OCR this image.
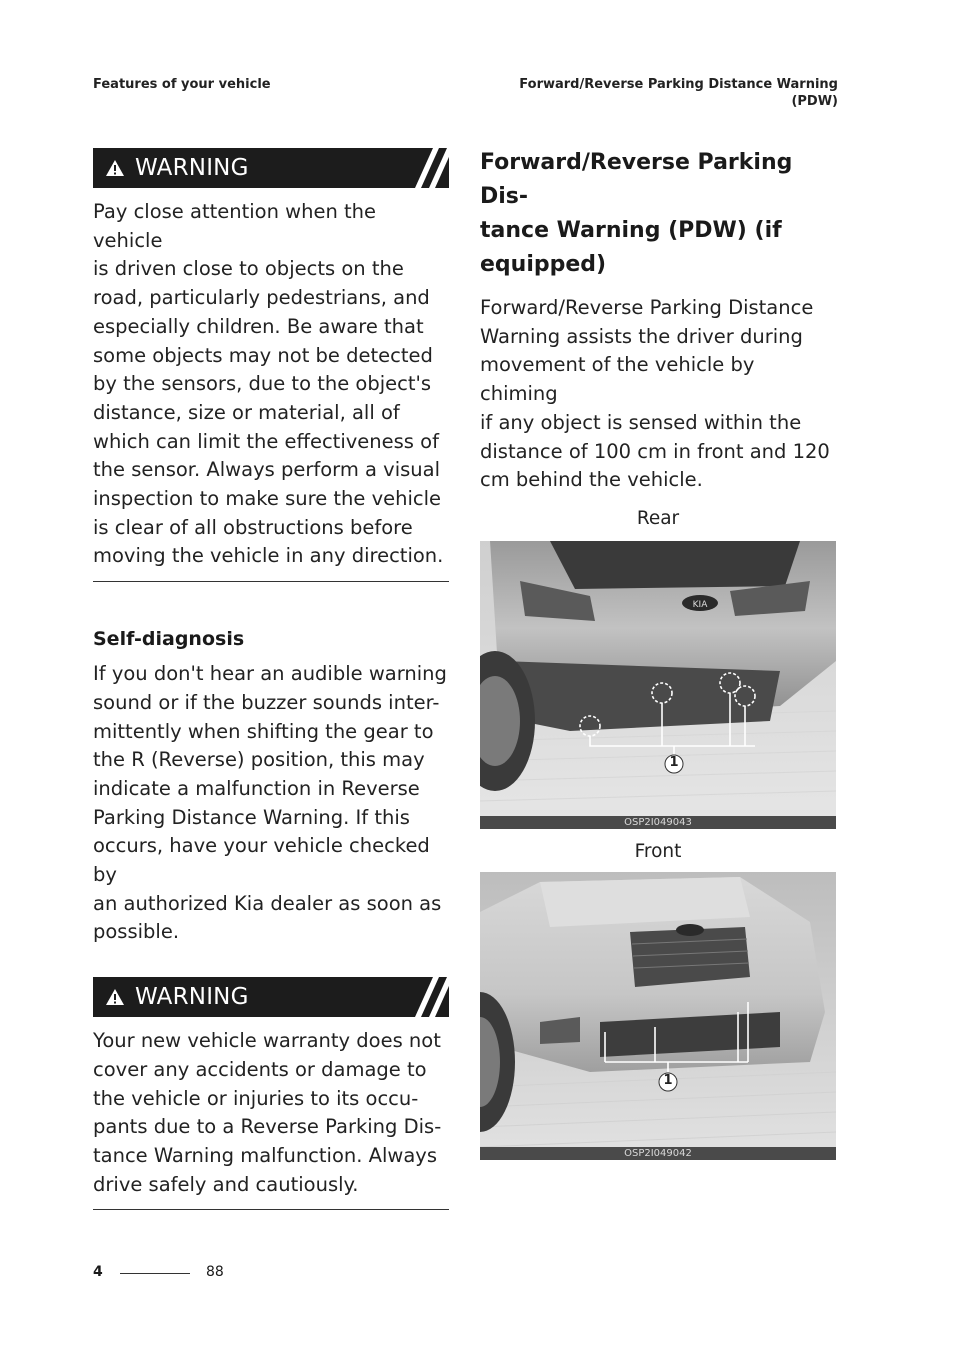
Features of your vehicle	Forward/Reverse Parking Distance Warning
(PDW)
WARNING

Pay close attention when the vehicle

is driven close to objects on the

road, particularly pedestrians, and

especially children. Be aware that

some objects may not be detected

by the sensors, due to the object's

distance, size or material, all of

which can limit the effectiveness of

the sensor. Always perform a visual

inspection to make sure the vehicle

is clear of all obstructions before

moving the vehicle in any direction.

Self-diagnosis

If you don't hear an audible warning

sound or if the buzzer sounds inter-

mittently when shifting the gear to

the R (Reverse) position, this may

indicate a malfunction in Reverse

Parking Distance Warning. If this

occurs, have your vehicle checked by

an authorized Kia dealer as soon as

possible.

WARNING

Your new vehicle warranty does not

cover any accidents or damage to

the vehicle or injuries to its occu-

pants due to a Reverse Parking Dis-

tance Warning malfunction. Always

drive safely and cautiously.

Forward/Reverse Parking Dis-

tance Warning (PDW) (if

equipped)

Forward/Reverse Parking Distance

Warning assists the driver during

movement of the vehicle by chiming

if any object is sensed within the

distance of 100 cm in front and 120

cm behind the vehicle.

Rear
KIA
1
OSP2I049043
Front
1
OSP2I049042
4	88
